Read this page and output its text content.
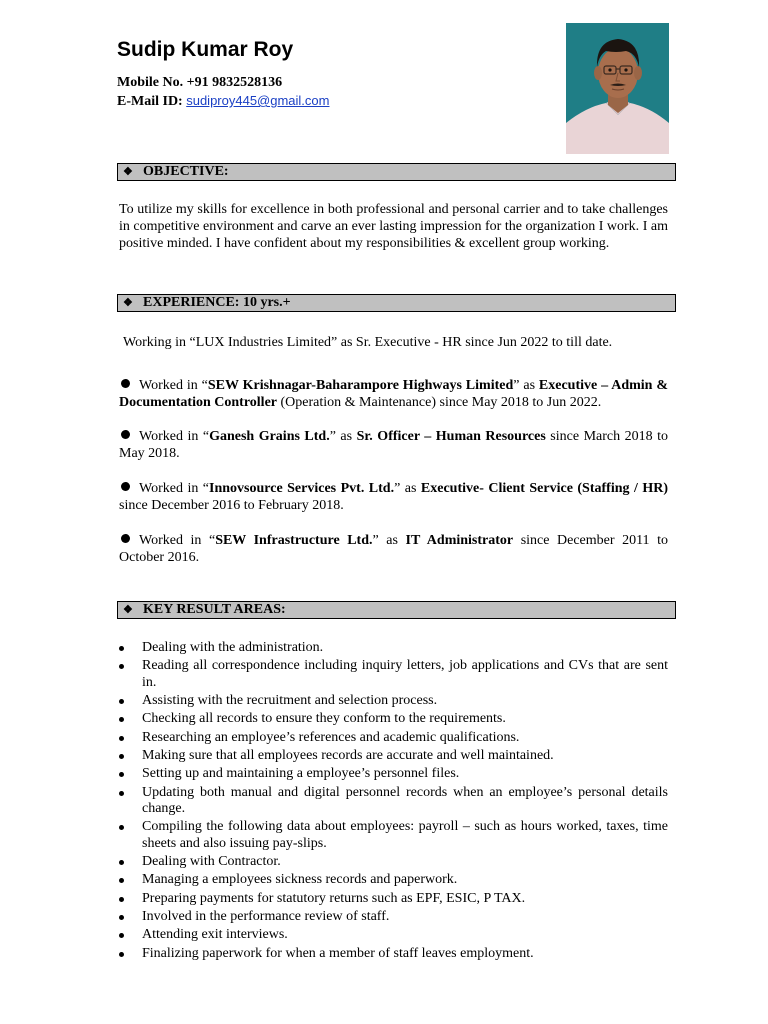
Sudip Kumar Roy
Mobile No. +91 9832528136
E-Mail ID: sudiproy445@gmail.com
❖ OBJECTIVE:
To utilize my skills for excellence in both professional and personal carrier and to take challenges in competitive environment and carve an ever lasting impression for the organization I work. I am positive minded. I have confident about my responsibilities & excellent group working.
❖ EXPERIENCE: 10 yrs.+
Working in “LUX Industries Limited” as Sr. Executive - HR since Jun 2022 to till date.
Worked in “SEW Krishnagar-Baharampore Highways Limited” as Executive – Admin & Documentation Controller (Operation & Maintenance) since May 2018 to Jun 2022.
Worked in “Ganesh Grains Ltd.” as Sr. Officer – Human Resources since March 2018 to May 2018.
Worked in “Innovsource Services Pvt. Ltd.” as Executive- Client Service (Staffing / HR) since December 2016 to February 2018.
Worked in “SEW Infrastructure Ltd.” as IT Administrator since December 2011 to October 2016.
❖ KEY RESULT AREAS:
Dealing with the administration.
Reading all correspondence including inquiry letters, job applications and CVs that are sent in.
Assisting with the recruitment and selection process.
Checking all records to ensure they conform to the requirements.
Researching an employee’s references and academic qualifications.
Making sure that all employees records are accurate and well maintained.
Setting up and maintaining a employee’s personnel files.
Updating both manual and digital personnel records when an employee’s personal details change.
Compiling the following data about employees: payroll – such as hours worked, taxes, time sheets and also issuing pay-slips.
Dealing with Contractor.
Managing a employees sickness records and paperwork.
Preparing payments for statutory returns such as EPF, ESIC, P TAX.
Involved in the performance review of staff.
Attending exit interviews.
Finalizing paperwork for when a member of staff leaves employment.
